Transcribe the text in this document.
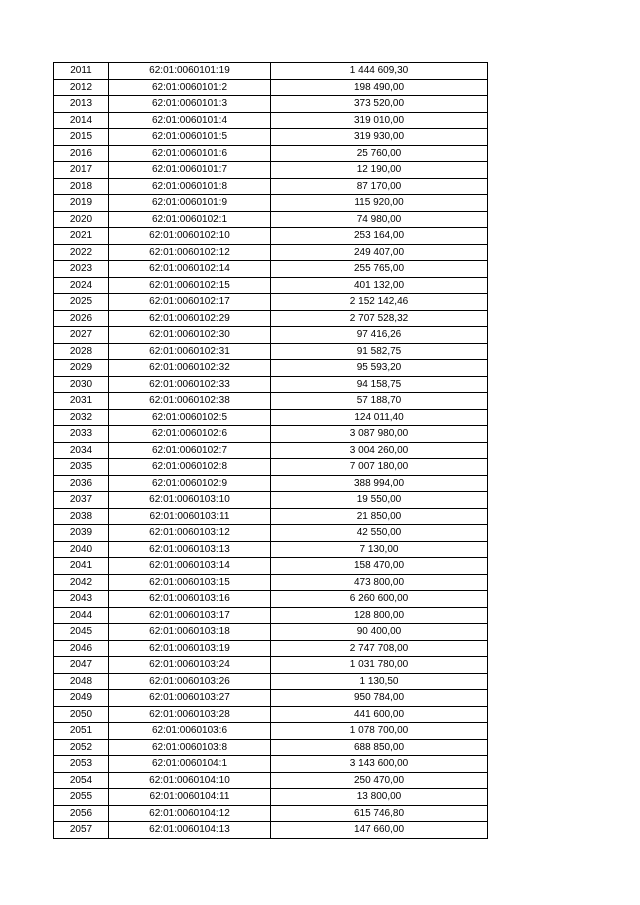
2011	62:01:0060101:19	1 444 609,30
2012	62:01:0060101:2	198 490,00
2013	62:01:0060101:3	373 520,00
2014	62:01:0060101:4	319 010,00
2015	62:01:0060101:5	319 930,00
2016	62:01:0060101:6	25 760,00
2017	62:01:0060101:7	12 190,00
2018	62:01:0060101:8	87 170,00
2019	62:01:0060101:9	115 920,00
2020	62:01:0060102:1	74 980,00
2021	62:01:0060102:10	253 164,00
2022	62:01:0060102:12	249 407,00
2023	62:01:0060102:14	255 765,00
2024	62:01:0060102:15	401 132,00
2025	62:01:0060102:17	2 152 142,46
2026	62:01:0060102:29	2 707 528,32
2027	62:01:0060102:30	97 416,26
2028	62:01:0060102:31	91 582,75
2029	62:01:0060102:32	95 593,20
2030	62:01:0060102:33	94 158,75
2031	62:01:0060102:38	57 188,70
2032	62:01:0060102:5	124 011,40
2033	62:01:0060102:6	3 087 980,00
2034	62:01:0060102:7	3 004 260,00
2035	62:01:0060102:8	7 007 180,00
2036	62:01:0060102:9	388 994,00
2037	62:01:0060103:10	19 550,00
2038	62:01:0060103:11	21 850,00
2039	62:01:0060103:12	42 550,00
2040	62:01:0060103:13	7 130,00
2041	62:01:0060103:14	158 470,00
2042	62:01:0060103:15	473 800,00
2043	62:01:0060103:16	6 260 600,00
2044	62:01:0060103:17	128 800,00
2045	62:01:0060103:18	90 400,00
2046	62:01:0060103:19	2 747 708,00
2047	62:01:0060103:24	1 031 780,00
2048	62:01:0060103:26	1 130,50
2049	62:01:0060103:27	950 784,00
2050	62:01:0060103:28	441 600,00
2051	62:01:0060103:6	1 078 700,00
2052	62:01:0060103:8	688 850,00
2053	62:01:0060104:1	3 143 600,00
2054	62:01:0060104:10	250 470,00
2055	62:01:0060104:11	13 800,00
2056	62:01:0060104:12	615 746,80
2057	62:01:0060104:13	147 660,00
